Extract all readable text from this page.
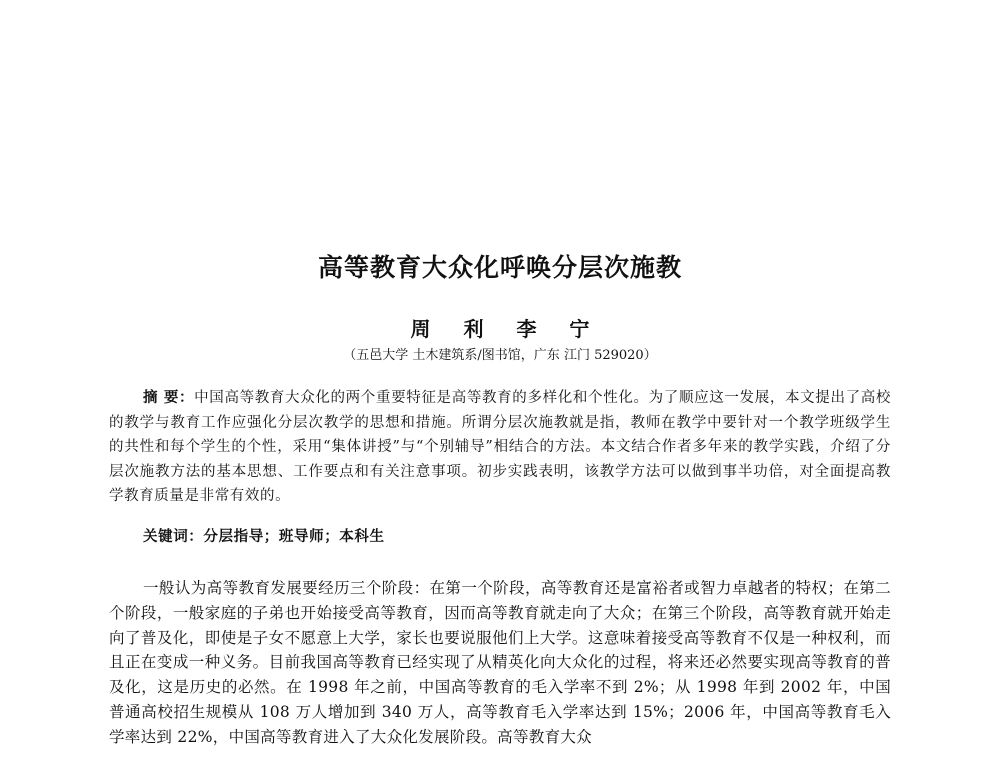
高等教育大众化呼唤分层次施教
周 利 李 宁
（五邑大学 土木建筑系/图书馆，广东 江门 529020）
摘 要：中国高等教育大众化的两个重要特征是高等教育的多样化和个性化。为了顺应这一发展，本文提出了高校的教学与教育工作应强化分层次教学的思想和措施。所谓分层次施教就是指，教师在教学中要针对一个教学班级学生的共性和每个学生的个性，采用“集体讲授”与“个别辅导”相结合的方法。本文结合作者多年来的教学实践，介绍了分层次施教方法的基本思想、工作要点和有关注意事项。初步实践表明，该教学方法可以做到事半功倍，对全面提高教学教育质量是非常有效的。
关键词：分层指导；班导师；本科生
一般认为高等教育发展要经历三个阶段：在第一个阶段，高等教育还是富裕者或智力卓越者的特权；在第二个阶段，一般家庭的子弟也开始接受高等教育，因而高等教育就走向了大众；在第三个阶段，高等教育就开始走向了普及化，即使是子女不愿意上大学，家长也要说服他们上大学。这意味着接受高等教育不仅是一种权利，而且正在变成一种义务。目前我国高等教育已经实现了从精英化向大众化的过程，将来还必然要实现高等教育的普及化，这是历史的必然。在 1998 年之前，中国高等教育的毛入学率不到 2%；从 1998 年到 2002 年，中国普通高校招生规模从 108 万人增加到 340 万人，高等教育毛入学率达到 15%；2006 年，中国高等教育毛入学率达到 22%，中国高等教育进入了大众化发展阶段。高等教育大众
